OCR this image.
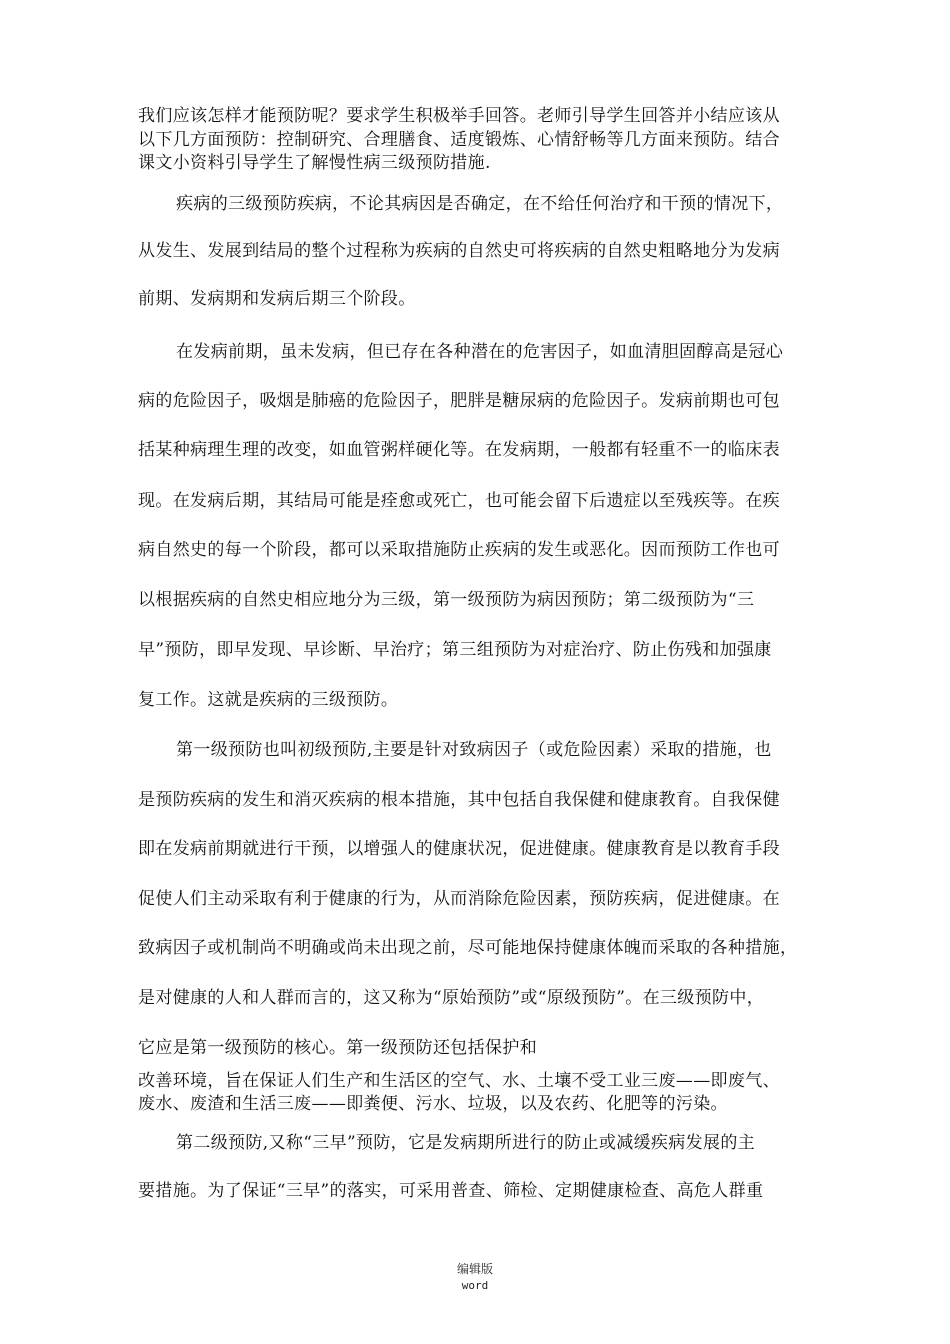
我们应该怎样才能预防呢？要求学生积极举手回答。老师引导学生回答并小结应该从
以下几方面预防：控制研究、合理膳食、适度锻炼、心情舒畅等几方面来预防。结合
课文小资料引导学生了解慢性病三级预防措施.
疾病的三级预防疾病，不论其病因是否确定，在不给任何治疗和干预的情况下，
从发生、发展到结局的整个过程称为疾病的自然史可将疾病的自然史粗略地分为发病
前期、发病期和发病后期三个阶段。
在发病前期，虽未发病，但已存在各种潜在的危害因子，如血清胆固醇高是冠心
病的危险因子，吸烟是肺癌的危险因子，肥胖是糖尿病的危险因子。发病前期也可包
括某种病理生理的改变，如血管粥样硬化等。在发病期，一般都有轻重不一的临床表
现。在发病后期，其结局可能是痊愈或死亡，也可能会留下后遗症以至残疾等。在疾
病自然史的每一个阶段，都可以采取措施防止疾病的发生或恶化。因而预防工作也可
以根据疾病的自然史相应地分为三级，第一级预防为病因预防；第二级预防为“三
早”预防，即早发现、早诊断、早治疗；第三组预防为对症治疗、防止伤残和加强康
复工作。这就是疾病的三级预防。
第一级预防也叫初级预防,主要是针对致病因子（或危险因素）采取的措施，也
是预防疾病的发生和消灭疾病的根本措施，其中包括自我保健和健康教育。自我保健
即在发病前期就进行干预，以增强人的健康状况，促进健康。健康教育是以教育手段
促使人们主动采取有利于健康的行为，从而消除危险因素，预防疾病，促进健康。在
致病因子或机制尚不明确或尚未出现之前，尽可能地保持健康体魄而采取的各种措施，
是对健康的人和人群而言的，这又称为“原始预防”或“原级预防”。在三级预防中，
它应是第一级预防的核心。第一级预防还包括保护和
改善环境，旨在保证人们生产和生活区的空气、水、土壤不受工业三废——即废气、
废水、废渣和生活三废——即粪便、污水、垃圾，以及农药、化肥等的污染。
第二级预防,又称“三早”预防，它是发病期所进行的防止或减缓疾病发展的主
要措施。为了保证“三早”的落实，可采用普查、筛检、定期健康检查、高危人群重
编辑版
word
